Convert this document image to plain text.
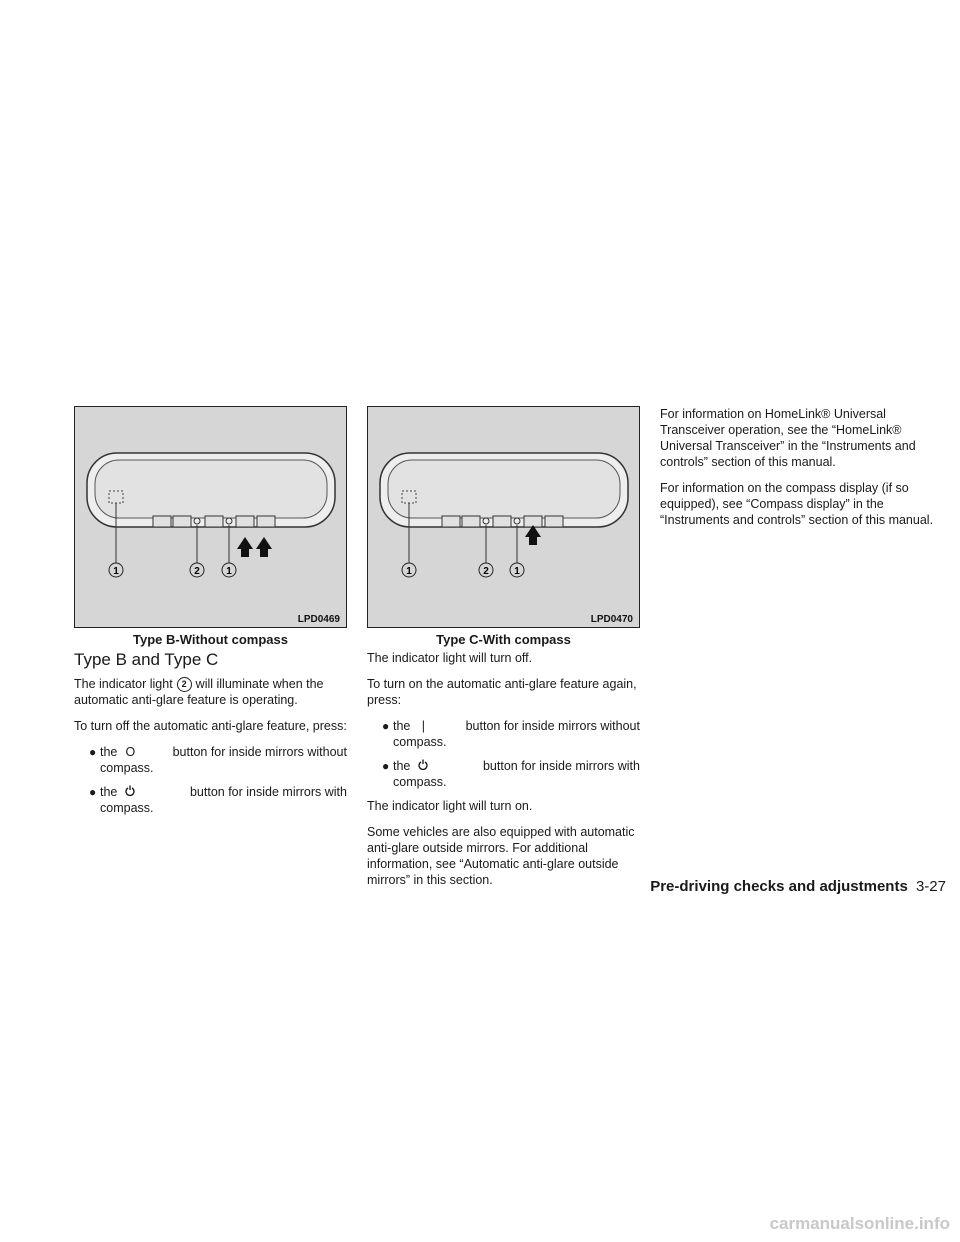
1	2	1
LPD0469
Type B-Without compass
1	2	1
LPD0470
Type C-With compass
Type B and Type C

The indicator light 2 will illuminate when the automatic anti-glare feature is operating.

To turn off the automatic anti-glare feature, press:

● the O	button for inside mirrors without
compass.
● the	button for inside mirrors with
compass.

The indicator light will turn off.

To turn on the automatic anti-glare feature again, press:

● the |	button for inside mirrors without
compass.
● the	button for inside mirrors with
compass.

The indicator light will turn on.

Some vehicles are also equipped with automatic anti-glare outside mirrors. For additional information, see “Automatic anti-glare outside mirrors” in this section.

For information on HomeLink® Universal Transceiver operation, see the “HomeLink® Universal Transceiver” in the “Instruments and controls” section of this manual.

For information on the compass display (if so equipped), see “Compass display” in the “Instruments and controls” section of this manual.

Pre-driving checks and adjustments 3-27
carmanualsonline.info
